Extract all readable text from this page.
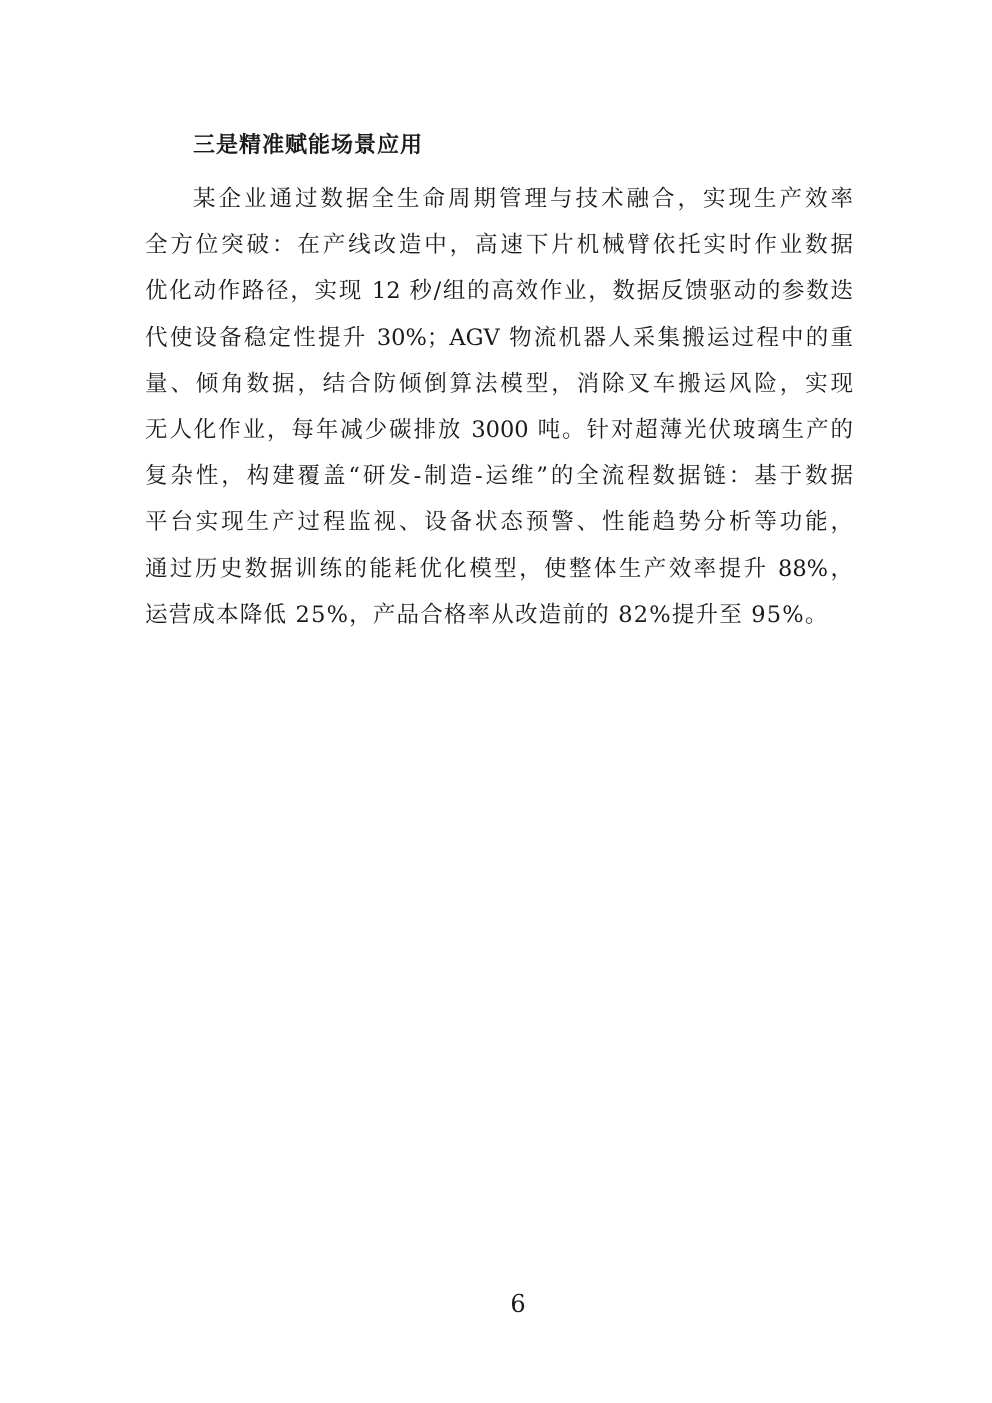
三是精准赋能场景应用
某企业通过数据全生命周期管理与技术融合，实现生产效率
全方位突破：在产线改造中，高速下片机械臂依托实时作业数据
优化动作路径，实现 12 秒/组的高效作业，数据反馈驱动的参数迭
代使设备稳定性提升 30%；AGV 物流机器人采集搬运过程中的重
量、倾角数据，结合防倾倒算法模型，消除叉车搬运风险，实现
无人化作业，每年减少碳排放 3000 吨。针对超薄光伏玻璃生产的
复杂性，构建覆盖“研发-制造-运维”的全流程数据链：基于数据
平台实现生产过程监视、设备状态预警、性能趋势分析等功能，
通过历史数据训练的能耗优化模型，使整体生产效率提升 88%，
运营成本降低 25%，产品合格率从改造前的 82%提升至 95%。
6
